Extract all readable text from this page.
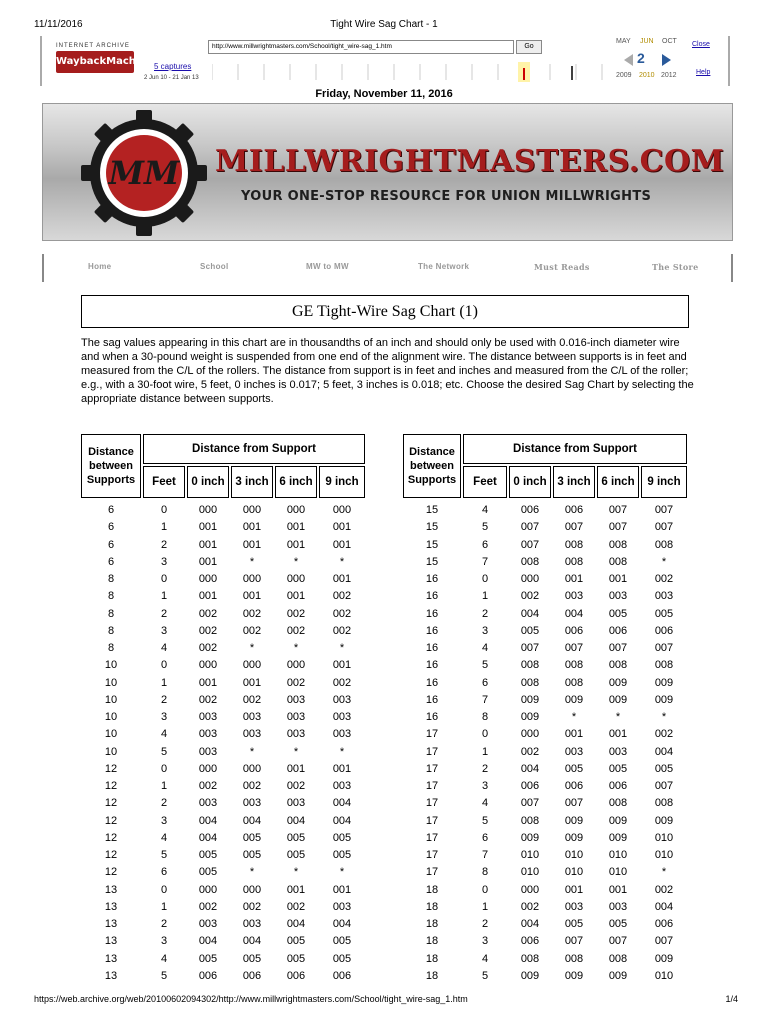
11/11/2016	Tight Wire Sag Chart - 1
INTERNET ARCHIVE
WaybackMachine 5 captures
2 Jun 10 - 21 Jan 13
http://www.millwrightmasters.com/School/tight_wire-sag_1.htm	Go
MAY JUN OCT
2
2009 2010 2012
Close
Help
Friday, November 11, 2016
MM MILLWRIGHTMASTERS.COM
YOUR ONE-STOP RESOURCE FOR UNION MILLWRIGHTS
Home	School	MW to MW	The Network	Must Reads	The Store
GE Tight-Wire Sag Chart (1)
The sag values appearing in this chart are in thousandths of an inch and should only be used with 0.016-inch diameter wire and when a 30-pound weight is suspended from one end of the alignment wire. The distance between supports is in feet and measured from the C/L of the rollers. The distance from support is in feet and inches and measured from the C/L of the roller; e.g., with a 30-foot wire, 5 feet, 0 inches is 0.017; 5 feet, 3 inches is 0.018; etc. Choose the desired Sag Chart by selecting the appropriate distance between supports.
Distance between Supports
Distance from Support
Feet	0 inch 3 inch 6 inch	9 inch
6	0	000	000	000	000
6	1	001	001	001	001
6	2	001	001	001	001
6	3	001	*	*	*
8	0	000	000	000	001
8	1	001	001	001	002
8	2	002	002	002	002
8	3	002	002	002	002
8	4	002	*	*	*
10	0	000	000	000	001
10	1	001	001	002	002
10	2	002	002	003	003
10	3	003	003	003	003
10	4	003	003	003	003
10	5	003	*	*	*
12	0	000	000	001	001
12	1	002	002	002	003
12	2	003	003	003	004
12	3	004	004	004	004
12	4	004	005	005	005
12	5	005	005	005	005
12	6	005	*	*	*
13	0	000	000	001	001
13	1	002	002	002	003
13	2	003	003	004	004
13	3	004	004	005	005
13	4	005	005	005	005
13	5	006	006	006	006
Distance between Supports
Distance from Support
Feet	0 inch 3 inch 6 inch	9 inch
15	4	006	006	007	007
15	5	007	007	007	007
15	6	007	008	008	008
15	7	008	008	008	*
16	0	000	001	001	002
16	1	002	003	003	003
16	2	004	004	005	005
16	3	005	006	006	006
16	4	007	007	007	007
16	5	008	008	008	008
16	6	008	008	009	009
16	7	009	009	009	009
16	8	009	*	*	*
17	0	000	001	001	002
17	1	002	003	003	004
17	2	004	005	005	005
17	3	006	006	006	007
17	4	007	007	008	008
17	5	008	009	009	009
17	6	009	009	009	010
17	7	010	010	010	010
17	8	010	010	010	*
18	0	000	001	001	002
18	1	002	003	003	004
18	2	004	005	005	006
18	3	006	007	007	007
18	4	008	008	008	009
18	5	009	009	009	010
https://web.archive.org/web/20100602094302/http://www.millwrightmasters.com/School/tight_wire-sag_1.htm	1/4
